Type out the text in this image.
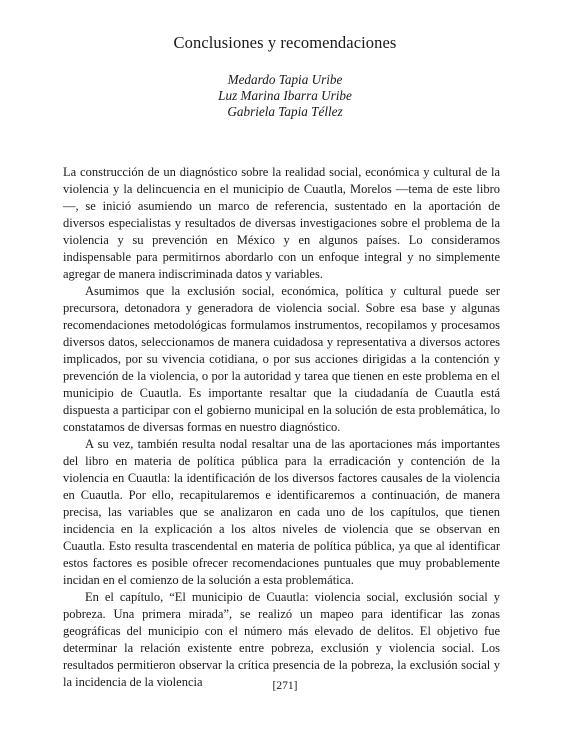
Conclusiones y recomendaciones
Medardo Tapia Uribe
Luz Marina Ibarra Uribe
Gabriela Tapia Téllez

La construcción de un diagnóstico sobre la realidad social, económica y cultural de la violencia y la delincuencia en el municipio de Cuautla, Morelos —tema de este libro—, se inició asumiendo un marco de referencia, sustentado en la aportación de diversos especialistas y resultados de diversas investigaciones sobre el problema de la violencia y su prevención en México y en algunos países. Lo consideramos indispensable para permitirnos abordarlo con un enfoque integral y no simplemente agregar de manera indiscriminada datos y variables.

Asumimos que la exclusión social, económica, política y cultural puede ser precursora, detonadora y generadora de violencia social. Sobre esa base y algunas recomendaciones metodológicas formulamos instrumentos, recopilamos y procesamos diversos datos, seleccionamos de manera cuidadosa y representativa a diversos actores implicados, por su vivencia cotidiana, o por sus acciones dirigidas a la contención y prevención de la violencia, o por la autoridad y tarea que tienen en este problema en el municipio de Cuautla. Es importante resaltar que la ciudadanía de Cuautla está dispuesta a participar con el gobierno municipal en la solución de esta problemática, lo constatamos de diversas formas en nuestro diagnóstico.

A su vez, también resulta nodal resaltar una de las aportaciones más importantes del libro en materia de política pública para la erradicación y contención de la violencia en Cuautla: la identificación de los diversos factores causales de la violencia en Cuautla. Por ello, recapitularemos e identificaremos a continuación, de manera precisa, las variables que se analizaron en cada uno de los capítulos, que tienen incidencia en la explicación a los altos niveles de violencia que se observan en Cuautla. Esto resulta trascendental en materia de política pública, ya que al identificar estos factores es posible ofrecer recomendaciones puntuales que muy probablemente incidan en el comienzo de la solución a esta problemática.

En el capítulo, “El municipio de Cuautla: violencia social, exclusión social y pobreza. Una primera mirada”, se realizó un mapeo para identificar las zonas geográficas del municipio con el número más elevado de delitos. El objetivo fue determinar la relación existente entre pobreza, exclusión y violencia social. Los resultados permitieron observar la crítica presencia de la pobreza, la exclusión social y la incidencia de la violencia	[271]
